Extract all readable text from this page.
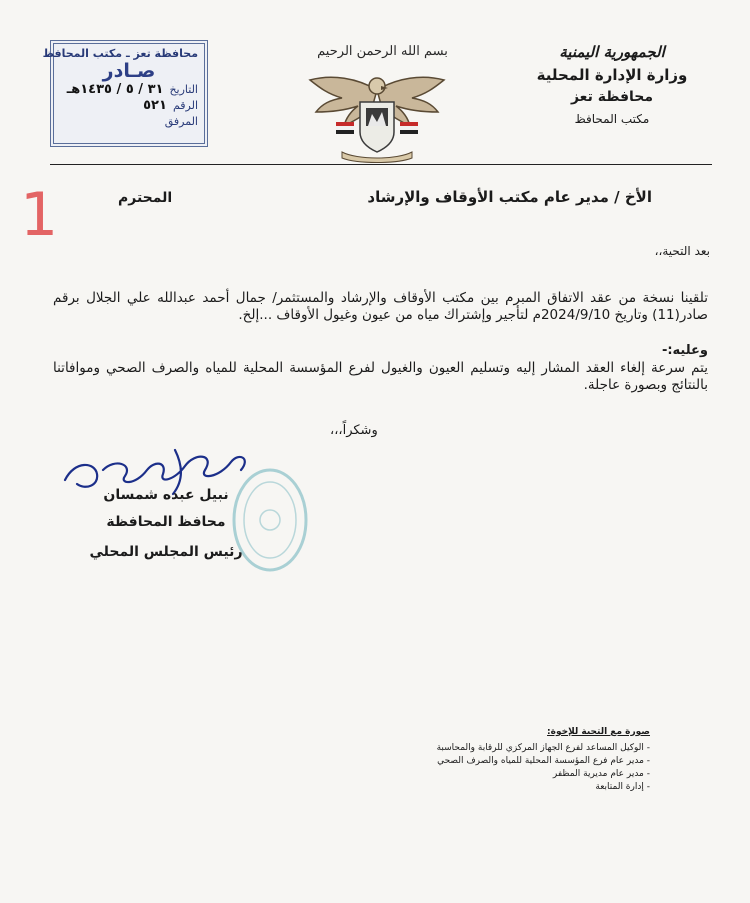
الجمهورية اليمنية
وزارة الإدارة المحلية
محافظة تعز
مكتب المحافظ
بسم الله الرحمن الرحيم
محافظة تعز ـ مكتب المحافظ
صـادر
التاريخ
٣١ / ٥ / ١٤٣٥هـ
الرقم
٥٢١
المرفق
1	الأخ / مدير عام مكتب الأوقاف والإرشاد
المحترم
بعد التحية،،
تلقينا نسخة من عقد الاتفاق المبرم بين مكتب الأوقاف والإرشاد والمستثمر/ جمال أحمد عبدالله علي الجلال برقم صادر(11) وتاريخ 2024/9/10م لتأجير وإشتراك مياه من عيون وغيول الأوقاف ...إلخ.
وعليه:-
يتم سرعة إلغاء العقد المشار إليه وتسليم العيون والغيول لفرع المؤسسة المحلية للمياه والصرف الصحي وموافاتنا بالنتائج وبصورة عاجلة.
وشكراً،،،
نبيل عبده شمسان
محافظ المحافظة
رئيس المجلس المحلي
صورة مع التحية للإخوة:
- الوكيل المساعد لفرع الجهاز المركزي للرقابة والمحاسبة
- مدير عام فرع المؤسسة المحلية للمياه والصرف الصحي
- مدير عام مديرية المظفر
- إدارة المتابعة
